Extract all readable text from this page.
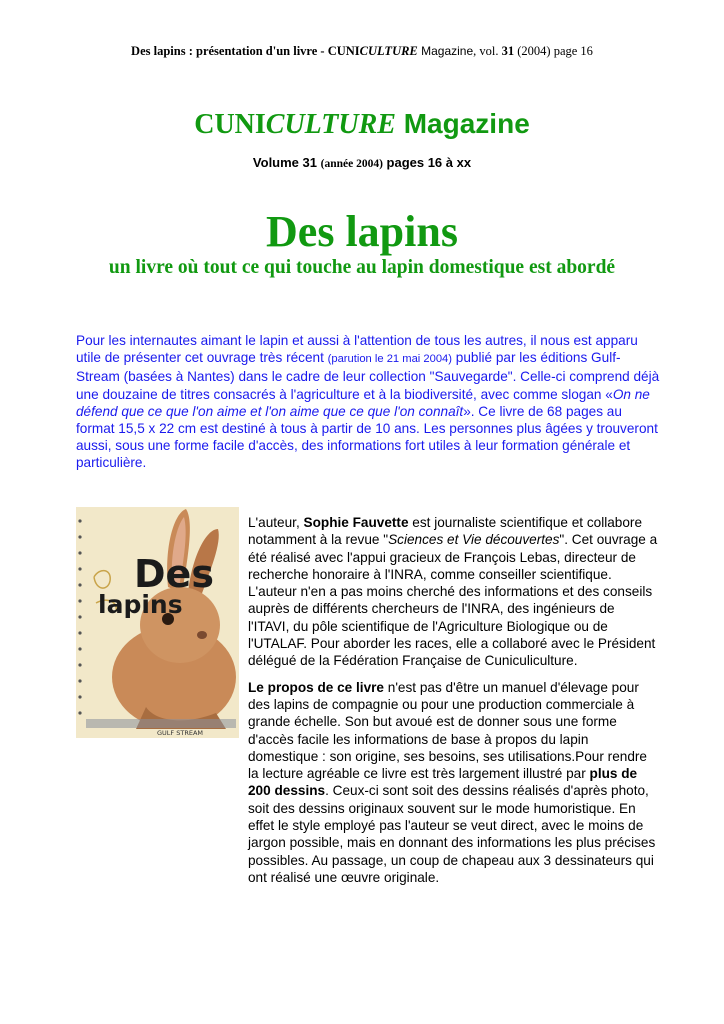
Des lapins : présentation d'un livre - CUNICULTURE Magazine, vol. 31 (2004) page 16
CUNICULTURE Magazine
Volume 31 (année 2004) pages 16 à xx
Des lapins
un livre où tout ce qui touche au lapin domestique est abordé
Pour les internautes aimant le lapin et aussi à l'attention de tous les autres, il nous est apparu utile de présenter cet ouvrage très récent (parution le 21 mai 2004) publié par les éditions Gulf-Stream (basées à Nantes) dans le cadre de leur collection "Sauvegarde". Celle-ci comprend déjà une douzaine de titres consacrés à l'agriculture et à la biodiversité, avec comme slogan «On ne défend que ce que l'on aime et l'on aime que ce que l'on connaît». Ce livre de 68 pages au format 15,5 x 22 cm est destiné à tous à partir de 10 ans. Les personnes plus âgées y trouveront aussi, sous une forme facile d'accès, des informations fort utiles à leur formation générale et particulière.
Des
lapins
GULF STREAM

L'auteur, Sophie Fauvette est journaliste scientifique et collabore notamment à la revue "Sciences et Vie découvertes". Cet ouvrage a été réalisé avec l'appui gracieux de François Lebas, directeur de recherche honoraire à l'INRA, comme conseiller scientifique. L'auteur n'en a pas moins cherché des informations et des conseils auprès de différents chercheurs de l'INRA, des ingénieurs de l'ITAVI, du pôle scientifique de l'Agriculture Biologique ou de l'UTALAF. Pour aborder les races, elle a collaboré avec le Président délégué de la Fédération Française de Cuniculiculture.

Le propos de ce livre n'est pas d'être un manuel d'élevage pour des lapins de compagnie ou pour une production commerciale à grande échelle. Son but avoué est de donner sous une forme d'accès facile les informations de base à propos du lapin domestique : son origine, ses besoins, ses utilisations.Pour rendre la lecture agréable ce livre est très largement illustré par plus de 200 dessins. Ceux-ci sont soit des dessins réalisés d'après photo, soit des dessins originaux souvent sur le mode humoristique. En effet le style employé pas l'auteur se veut direct, avec le moins de jargon possible, mais en donnant des informations les plus précises possibles. Au passage, un coup de chapeau aux 3 dessinateurs qui ont réalisé une œuvre originale.
